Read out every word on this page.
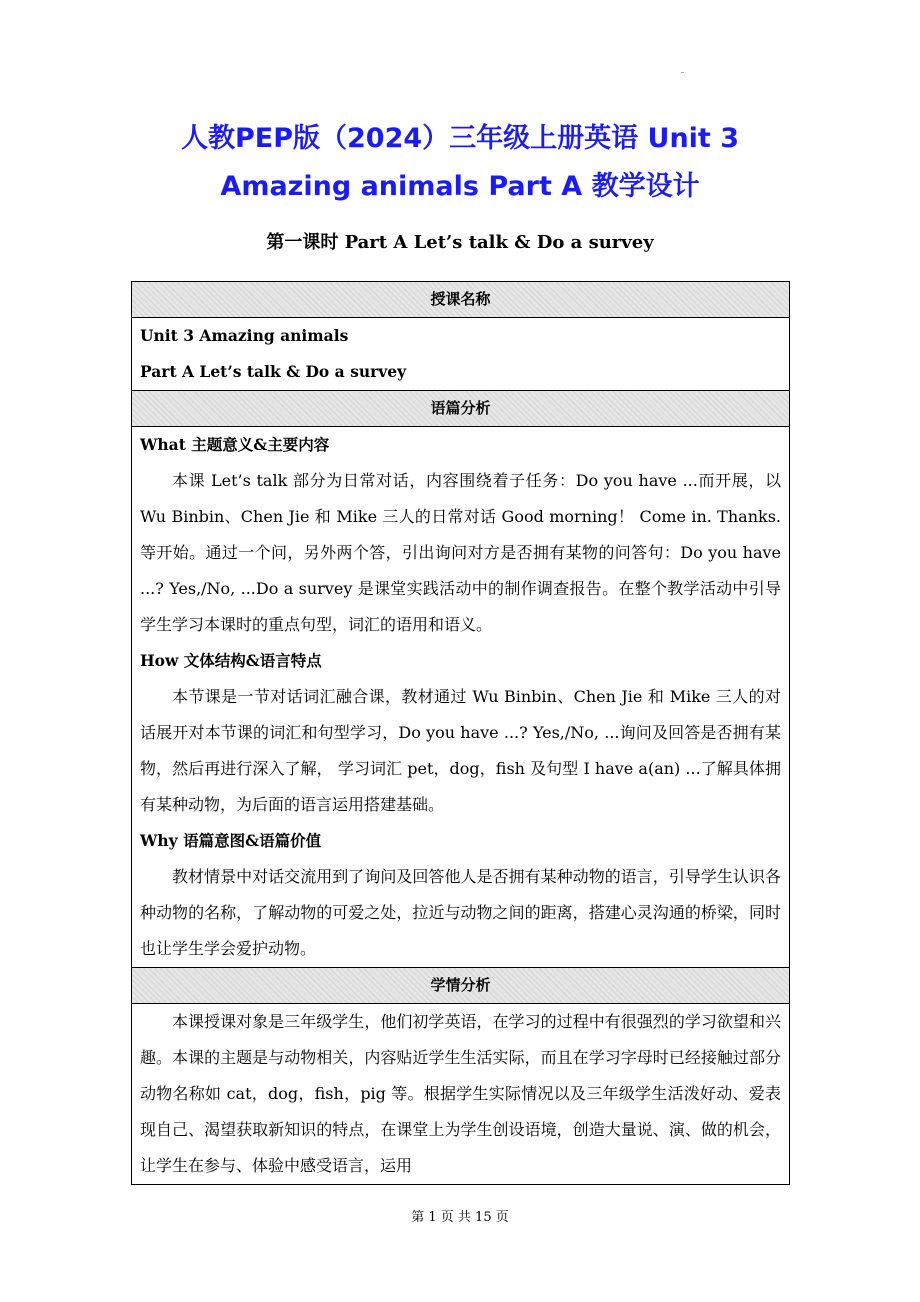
人教PEP版（2024）三年级上册英语 Unit 3
Amazing animals Part A 教学设计
第一课时 Part A Let’s talk & Do a survey
授课名称

Unit 3 Amazing animals
Part A Let’s talk & Do a survey

语篇分析

What 主题意义&主要内容

本课 Let’s talk 部分为日常对话，内容围绕着子任务：Do you have ...而开展，以 Wu Binbin、Chen Jie 和 Mike 三人的日常对话 Good morning！ Come in. Thanks.等开始。通过一个问，另外两个答，引出询问对方是否拥有某物的问答句：Do you have ...? Yes,/No, ...Do a survey 是课堂实践活动中的制作调查报告。在整个教学活动中引导学生学习本课时的重点句型，词汇的语用和语义。

How 文体结构&语言特点

本节课是一节对话词汇融合课，教材通过 Wu Binbin、Chen Jie 和 Mike 三人的对话展开对本节课的词汇和句型学习，Do you have ...? Yes,/No, ...询问及回答是否拥有某物，然后再进行深入了解， 学习词汇 pet，dog，fish 及句型 I have a(an) ...了解具体拥有某种动物，为后面的语言运用搭建基础。

Why 语篇意图&语篇价值

教材情景中对话交流用到了询问及回答他人是否拥有某种动物的语言，引导学生认识各种动物的名称，了解动物的可爱之处，拉近与动物之间的距离，搭建心灵沟通的桥梁，同时也让学生学会爱护动物。

学情分析

本课授课对象是三年级学生，他们初学英语，在学习的过程中有很强烈的学习欲望和兴趣。本课的主题是与动物相关，内容贴近学生生活实际，而且在学习字母时已经接触过部分动物名称如 cat，dog，fish，pig 等。根据学生实际情况以及三年级学生活泼好动、爱表现自己、渴望获取新知识的特点，在课堂上为学生创设语境，创造大量说、演、做的机会，让学生在参与、体验中感受语言，运用

第 1 页 共 15 页
